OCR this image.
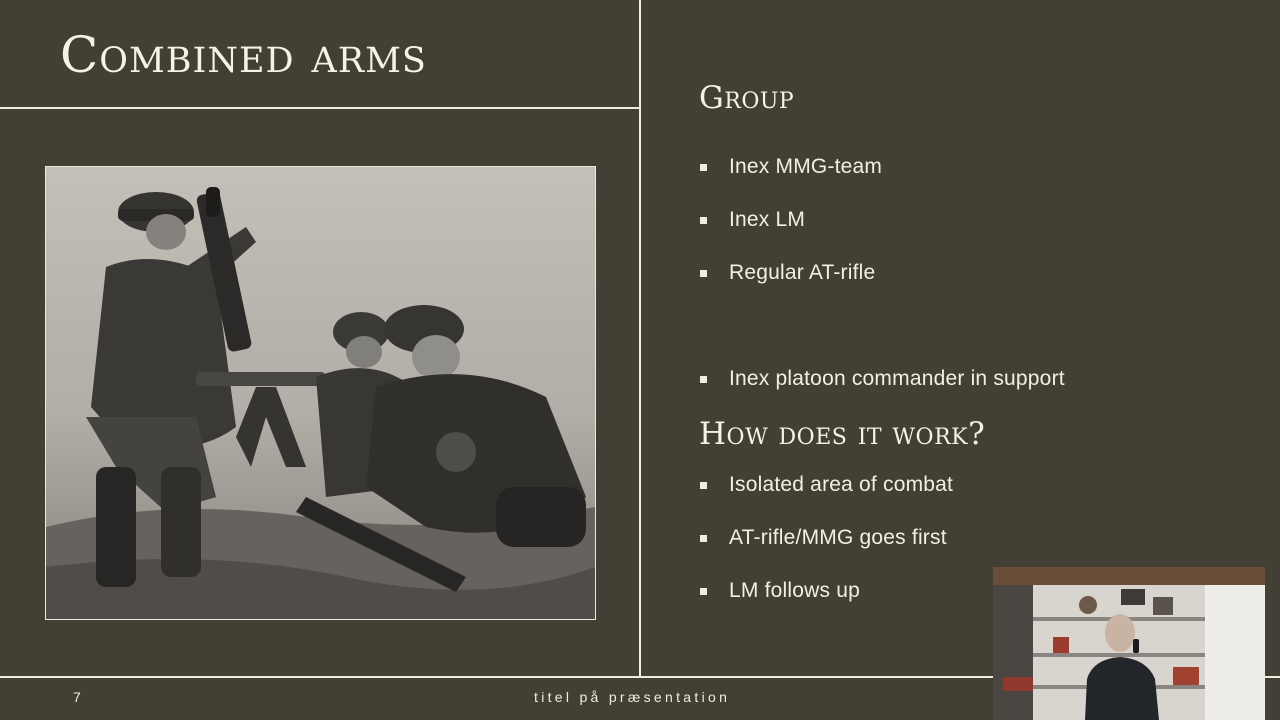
Combined arms
Group
Inex MMG-team
Inex LM
Regular AT-rifle
Inex platoon commander in support
How does it work?
Isolated area of combat
AT-rifle/MMG goes first
LM follows up
7	titel på præsentation
